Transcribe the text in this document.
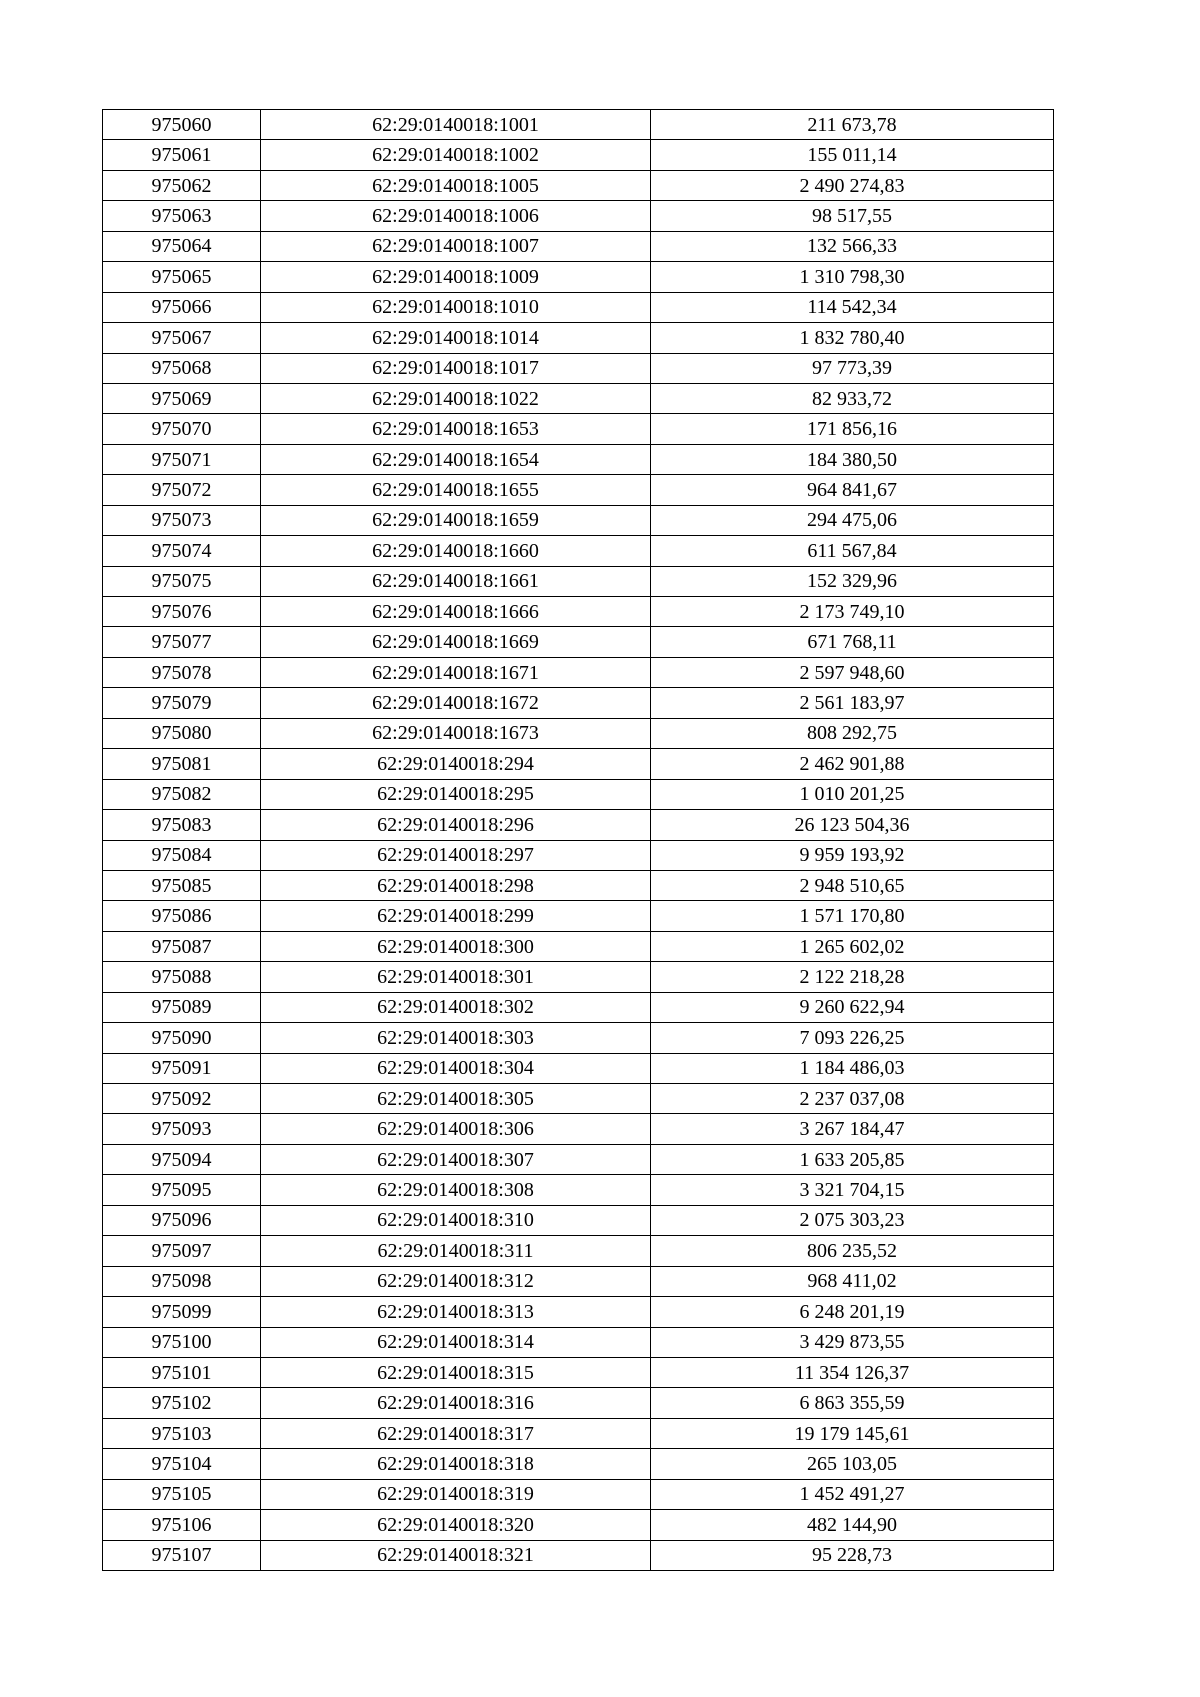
975060	62:29:0140018:1001	211 673,78
975061	62:29:0140018:1002	155 011,14
975062	62:29:0140018:1005	2 490 274,83
975063	62:29:0140018:1006	98 517,55
975064	62:29:0140018:1007	132 566,33
975065	62:29:0140018:1009	1 310 798,30
975066	62:29:0140018:1010	114 542,34
975067	62:29:0140018:1014	1 832 780,40
975068	62:29:0140018:1017	97 773,39
975069	62:29:0140018:1022	82 933,72
975070	62:29:0140018:1653	171 856,16
975071	62:29:0140018:1654	184 380,50
975072	62:29:0140018:1655	964 841,67
975073	62:29:0140018:1659	294 475,06
975074	62:29:0140018:1660	611 567,84
975075	62:29:0140018:1661	152 329,96
975076	62:29:0140018:1666	2 173 749,10
975077	62:29:0140018:1669	671 768,11
975078	62:29:0140018:1671	2 597 948,60
975079	62:29:0140018:1672	2 561 183,97
975080	62:29:0140018:1673	808 292,75
975081	62:29:0140018:294	2 462 901,88
975082	62:29:0140018:295	1 010 201,25
975083	62:29:0140018:296	26 123 504,36
975084	62:29:0140018:297	9 959 193,92
975085	62:29:0140018:298	2 948 510,65
975086	62:29:0140018:299	1 571 170,80
975087	62:29:0140018:300	1 265 602,02
975088	62:29:0140018:301	2 122 218,28
975089	62:29:0140018:302	9 260 622,94
975090	62:29:0140018:303	7 093 226,25
975091	62:29:0140018:304	1 184 486,03
975092	62:29:0140018:305	2 237 037,08
975093	62:29:0140018:306	3 267 184,47
975094	62:29:0140018:307	1 633 205,85
975095	62:29:0140018:308	3 321 704,15
975096	62:29:0140018:310	2 075 303,23
975097	62:29:0140018:311	806 235,52
975098	62:29:0140018:312	968 411,02
975099	62:29:0140018:313	6 248 201,19
975100	62:29:0140018:314	3 429 873,55
975101	62:29:0140018:315	11 354 126,37
975102	62:29:0140018:316	6 863 355,59
975103	62:29:0140018:317	19 179 145,61
975104	62:29:0140018:318	265 103,05
975105	62:29:0140018:319	1 452 491,27
975106	62:29:0140018:320	482 144,90
975107	62:29:0140018:321	95 228,73
